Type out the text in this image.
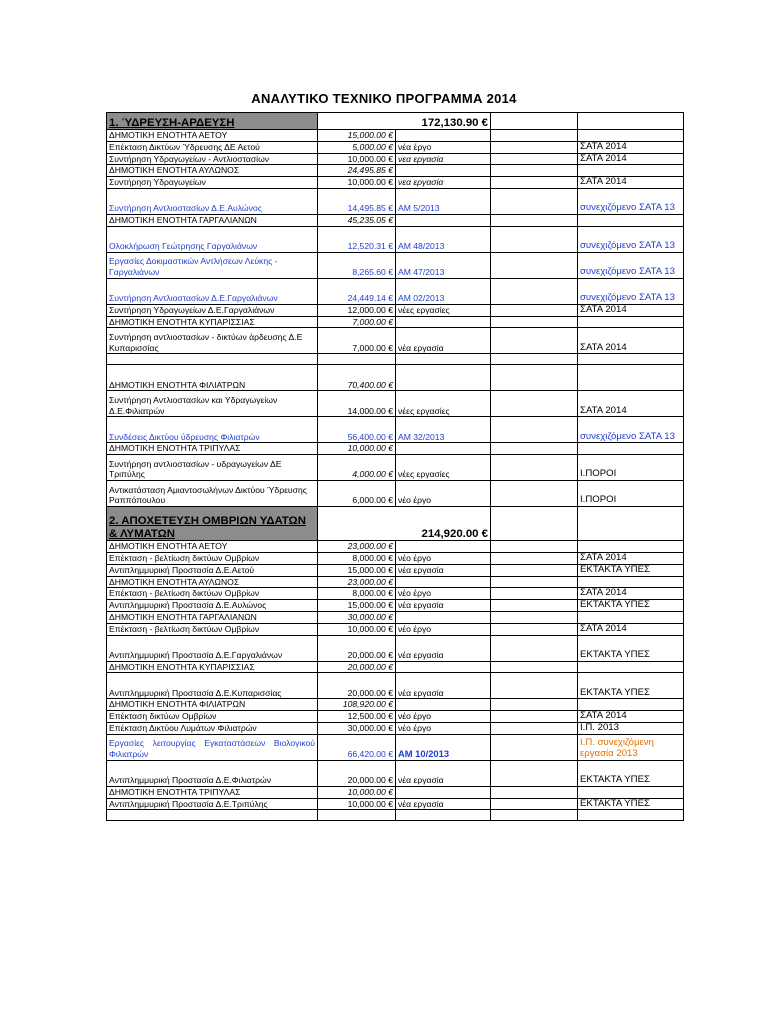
ΑΝΑΛΥΤΙΚΟ ΤΕΧΝΙΚΟ ΠΡΟΓΡΑΜΜΑ 2014
1. ΎΔΡΕΥΣΗ-ΑΡΔΕΥΣΗ	172,130.90 €			
ΔΗΜΟΤΙΚΗ ΕΝΟΤΗΤΑ ΑΕΤΟΥ	15,000.00 €			
Επέκταση Δικτύων Ύδρευσης ΔΕ Αετού	5,000.00 €	νέα έργο		ΣΑΤΑ 2014
Συντήρηση Υδραγωγείων - Αντλιοστασίων	10,000.00 €	νεα εργασία		ΣΑΤΑ 2014
ΔΗΜΟΤΙΚΗ ΕΝΟΤΗΤΑ ΑΥΛΩΝΟΣ	24,495.85 €			
Συντήρηση Υδραγωγείων	10,000.00 €	νεα εργασία		ΣΑΤΑ 2014
Συντήρηση Αντλιοστασίων Δ.Ε.Αυλώνος	14,495.85 €	ΑΜ 5/2013		συνεχιζόμενο ΣΑΤΑ 13
ΔΗΜΟΤΙΚΗ ΕΝΟΤΗΤΑ ΓΑΡΓΑΛΙΑΝΩΝ	45,235.05 €			
Ολοκλήρωση Γεώτρησης Γαργαλιάνων	12,520.31 €	ΑΜ 48/2013		συνεχιζόμενο ΣΑΤΑ 13
Εργασίες Δοκιμαστικών Αντλήσεων Λεύκης - Γαργαλιάνων	8,265.60 €	ΑΜ 47/2013		συνεχιζόμενο ΣΑΤΑ 13
Συντήρηση Αντλιοστασίων Δ.Ε.Γαργαλιάνων	24,449.14 €	ΑΜ 02/2013		συνεχιζόμενο ΣΑΤΑ 13
Συντήρηση Υδραγωγείων Δ.Ε.Γαργαλιάνων	12,000.00 €	νέες εργασίες		ΣΑΤΑ 2014
ΔΗΜΟΤΙΚΗ ΕΝΟΤΗΤΑ ΚΥΠΑΡΙΣΣΙΑΣ	7,000.00 €			
Συντήρηση αντλιοστασίων - δικτύων άρδευσης Δ.Ε Κυπαρισσίας	7,000.00 €	νέα εργασία		ΣΑΤΑ 2014

ΔΗΜΟΤΙΚΗ ΕΝΟΤΗΤΑ ΦΙΛΙΑΤΡΩΝ	70,400.00 €			
Συντήρηση Αντλιοστασίων και Υδραγωγείων Δ.Ε.Φιλιατρών	14,000.00 €	νέες εργασίες		ΣΑΤΑ 2014
Συνδέσεις Δικτύου ύδρευσης Φιλιατρών	56,400.00 €	ΑΜ 32/2013		συνεχιζόμενο ΣΑΤΑ 13
ΔΗΜΟΤΙΚΗ ΕΝΟΤΗΤΑ ΤΡΙΠΥΛΑΣ	10,000.00 €			
Συντήρηση αντλιοστασίων - υδραγωγείων ΔΕ Τριπύλης	4,000.00 €	νέες εργασίες		Ι.ΠΟΡΟΙ
Αντικατάσταση Αμιαντοσωλήνων Δικτύου Ύδρευσης Ραππόπουλου	6,000.00 €	νέο έργο		Ι.ΠΟΡΟΙ
2. ΑΠΟΧΕΤΕΥΣΗ ΟΜΒΡΙΩΝ ΥΔΑΤΩΝ & ΛΥΜΑΤΩΝ	214,920.00 €			
ΔΗΜΟΤΙΚΗ ΕΝΟΤΗΤΑ ΑΕΤΟΥ	23,000.00 €			
Επέκταση - βελτίωση δικτύων Ομβρίων	8,000.00 €	νέο έργο		ΣΑΤΑ 2014
Αντιπλημμυρική Προστασία Δ.Ε.Αετού	15,000.00 €	νέα εργασία		ΕΚΤΑΚΤΑ ΥΠΕΣ
ΔΗΜΟΤΙΚΗ ΕΝΟΤΗΤΑ ΑΥΛΩΝΟΣ	23,000.00 €			
Επέκταση - βελτίωση δικτύων Ομβρίων	8,000.00 €	νέο έργο		ΣΑΤΑ 2014
Αντιπλημμυρική Προστασία Δ.Ε.Αυλώνος	15,000.00 €	νέα εργασία		ΕΚΤΑΚΤΑ ΥΠΕΣ
ΔΗΜΟΤΙΚΗ ΕΝΟΤΗΤΑ ΓΑΡΓΑΛΙΑΝΩΝ	30,000.00 €			
Επέκταση - βελτίωση δικτύων Ομβρίων	10,000.00 €	νέο έργο		ΣΑΤΑ 2014
Αντιπλημμυρική Προστασία Δ.Ε.Γαργαλιάνων	20,000.00 €	νέα εργασία		ΕΚΤΑΚΤΑ ΥΠΕΣ
ΔΗΜΟΤΙΚΗ ΕΝΟΤΗΤΑ ΚΥΠΑΡΙΣΣΙΑΣ	20,000.00 €			
Αντιπλημμυρική Προστασία Δ.Ε.Κυπαρισσίας	20,000.00 €	νέα εργασία		ΕΚΤΑΚΤΑ ΥΠΕΣ
ΔΗΜΟΤΙΚΗ ΕΝΟΤΗΤΑ ΦΙΛΙΑΤΡΩΝ	108,920.00 €			
Επέκταση δικτύων Ομβρίων	12,500.00 €	νέο έργο		ΣΑΤΑ 2014
Επέκταση Δικτύου Λυμάτων Φιλιατρών	30,000.00 €	νέο έργο		Ι.Π. 2013
Εργασίες λειτουργίας Εγκαταστάσεων Βιολογικού Φιλιατρών	66,420.00 €	ΑΜ 10/2013		Ι.Π. συνεχιζόμενη εργασία 2013
Αντιπλημμυρική Προστασία Δ.Ε.Φιλιατρών	20,000.00 €	νέα εργασία		ΕΚΤΑΚΤΑ ΥΠΕΣ
ΔΗΜΟΤΙΚΗ ΕΝΟΤΗΤΑ ΤΡΙΠΥΛΑΣ	10,000.00 €			
Αντιπλημμυρική Προστασία Δ.Ε.Τριπύλης	10,000.00 €	νέα εργασία		ΕΚΤΑΚΤΑ ΥΠΕΣ
